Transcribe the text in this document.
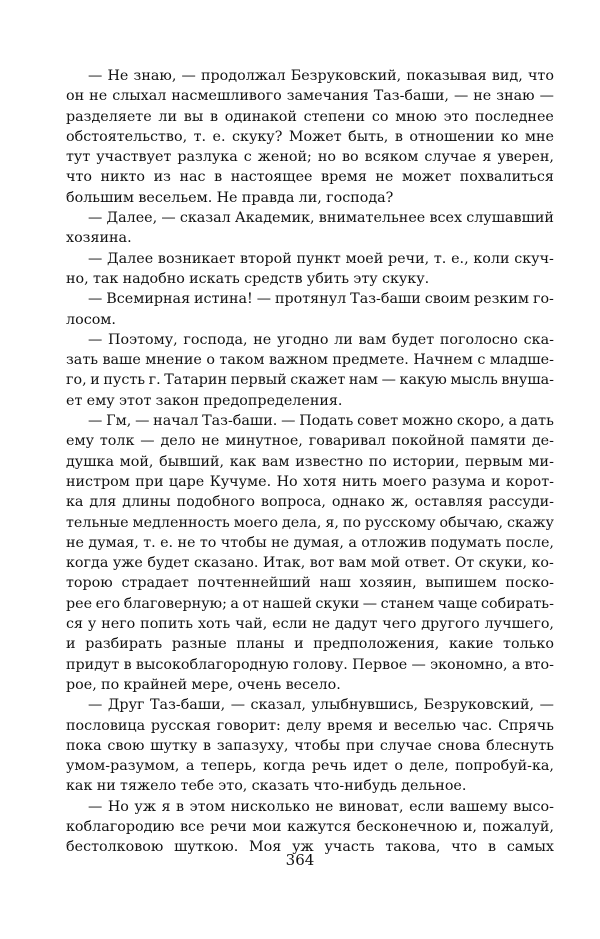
— Не знаю, — продолжал Безруковский, показывая вид, что
он не слыхал насмешливого замечания Таз-баши, — не знаю —
разделяете ли вы в одинакой степени со мною это последнее
обстоятельство, т. е. скуку? Может быть, в отношении ко мне
тут участвует разлука с женой; но во всяком случае я уверен,
что никто из нас в настоящее время не может похвалиться
большим весельем. Не правда ли, господа?
— Далее, — сказал Академик, внимательнее всех слушавший
хозяина.
— Далее возникает второй пункт моей речи, т. е., коли скуч-
но, так надобно искать средств убить эту скуку.
— Всемирная истина! — протянул Таз-баши своим резким го-
лосом.
— Поэтому, господа, не угодно ли вам будет поголосно ска-
зать ваше мнение о таком важном предмете. Начнем с младше-
го, и пусть г. Татарин первый скажет нам — какую мысль внуша-
ет ему этот закон предопределения.
— Гм, — начал Таз-баши. — Подать совет можно скоро, а дать
ему толк — дело не минутное, говаривал покойной памяти де-
душка мой, бывший, как вам известно по истории, первым ми-
нистром при царе Кучуме. Но хотя нить моего разума и корот-
ка для длины подобного вопроса, однако ж, оставляя рассуди-
тельные медленность моего дела, я, по русскому обычаю, скажу
не думая, т. е. не то чтобы не думая, а отложив подумать после,
когда уже будет сказано. Итак, вот вам мой ответ. От скуки, ко-
торою страдает почтеннейший наш хозяин, выпишем поско-
рее его благоверную; а от нашей скуки — станем чаще собирать-
ся у него попить хоть чай, если не дадут чего другого лучшего,
и разбирать разные планы и предположения, какие только
придут в высокоблагородную голову. Первое — экономно, а вто-
рое, по крайней мере, очень весело.
— Друг Таз-баши, — сказал, улыбнувшись, Безруковский, —
пословица русская говорит: делу время и веселью час. Спрячь
пока свою шутку в запазуху, чтобы при случае снова блеснуть
умом-разумом, а теперь, когда речь идет о деле, попробуй-ка,
как ни тяжело тебе это, сказать что-нибудь дельное.
— Но уж я в этом нисколько не виноват, если вашему высо-
коблагородию все речи мои кажутся бесконечною и, пожалуй,
бестолковою шуткою. Моя уж участь такова, что в самых
364
